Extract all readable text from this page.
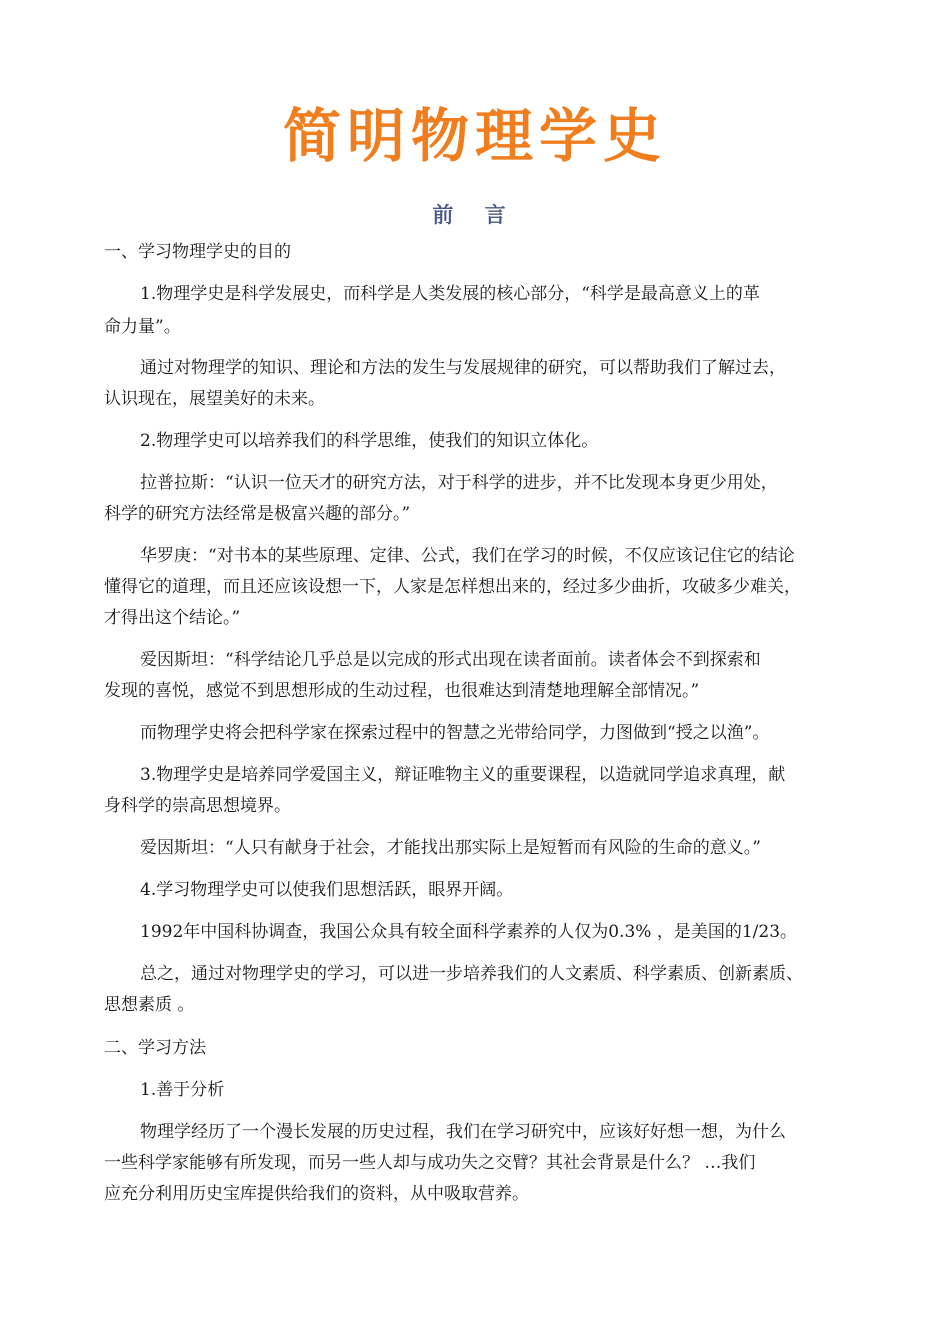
简明物理学史
前 言
一、学习物理学史的目的
1.物理学史是科学发展史，而科学是人类发展的核心部分，“科学是最高意义上的革
命力量”。
通过对物理学的知识、理论和方法的发生与发展规律的研究，可以帮助我们了解过去，
认识现在，展望美好的未来。
2.物理学史可以培养我们的科学思维，使我们的知识立体化。
拉普拉斯：“认识一位天才的研究方法，对于科学的进步，并不比发现本身更少用处，
科学的研究方法经常是极富兴趣的部分。”
华罗庚：“对书本的某些原理、定律、公式，我们在学习的时候，不仅应该记住它的结论
懂得它的道理，而且还应该设想一下，人家是怎样想出来的，经过多少曲折，攻破多少难关，
才得出这个结论。”
爱因斯坦：“科学结论几乎总是以完成的形式出现在读者面前。读者体会不到探索和
发现的喜悦，感觉不到思想形成的生动过程，也很难达到清楚地理解全部情况。”
而物理学史将会把科学家在探索过程中的智慧之光带给同学，力图做到“授之以渔”。
3.物理学史是培养同学爱国主义，辩证唯物主义的重要课程，以造就同学追求真理，献
身科学的崇高思想境界。
爱因斯坦：“人只有献身于社会，才能找出那实际上是短暂而有风险的生命的意义。”
4.学习物理学史可以使我们思想活跃，眼界开阔。
1992年中国科协调查，我国公众具有较全面科学素养的人仅为0.3% ，是美国的1/23。
总之，通过对物理学史的学习，可以进一步培养我们的人文素质、科学素质、创新素质、
思想素质 。
二、学习方法
1.善于分析
物理学经历了一个漫长发展的历史过程，我们在学习研究中，应该好好想一想，为什么
一些科学家能够有所发现，而另一些人却与成功失之交臂？其社会背景是什么？ …我们
应充分利用历史宝库提供给我们的资料，从中吸取营养。
